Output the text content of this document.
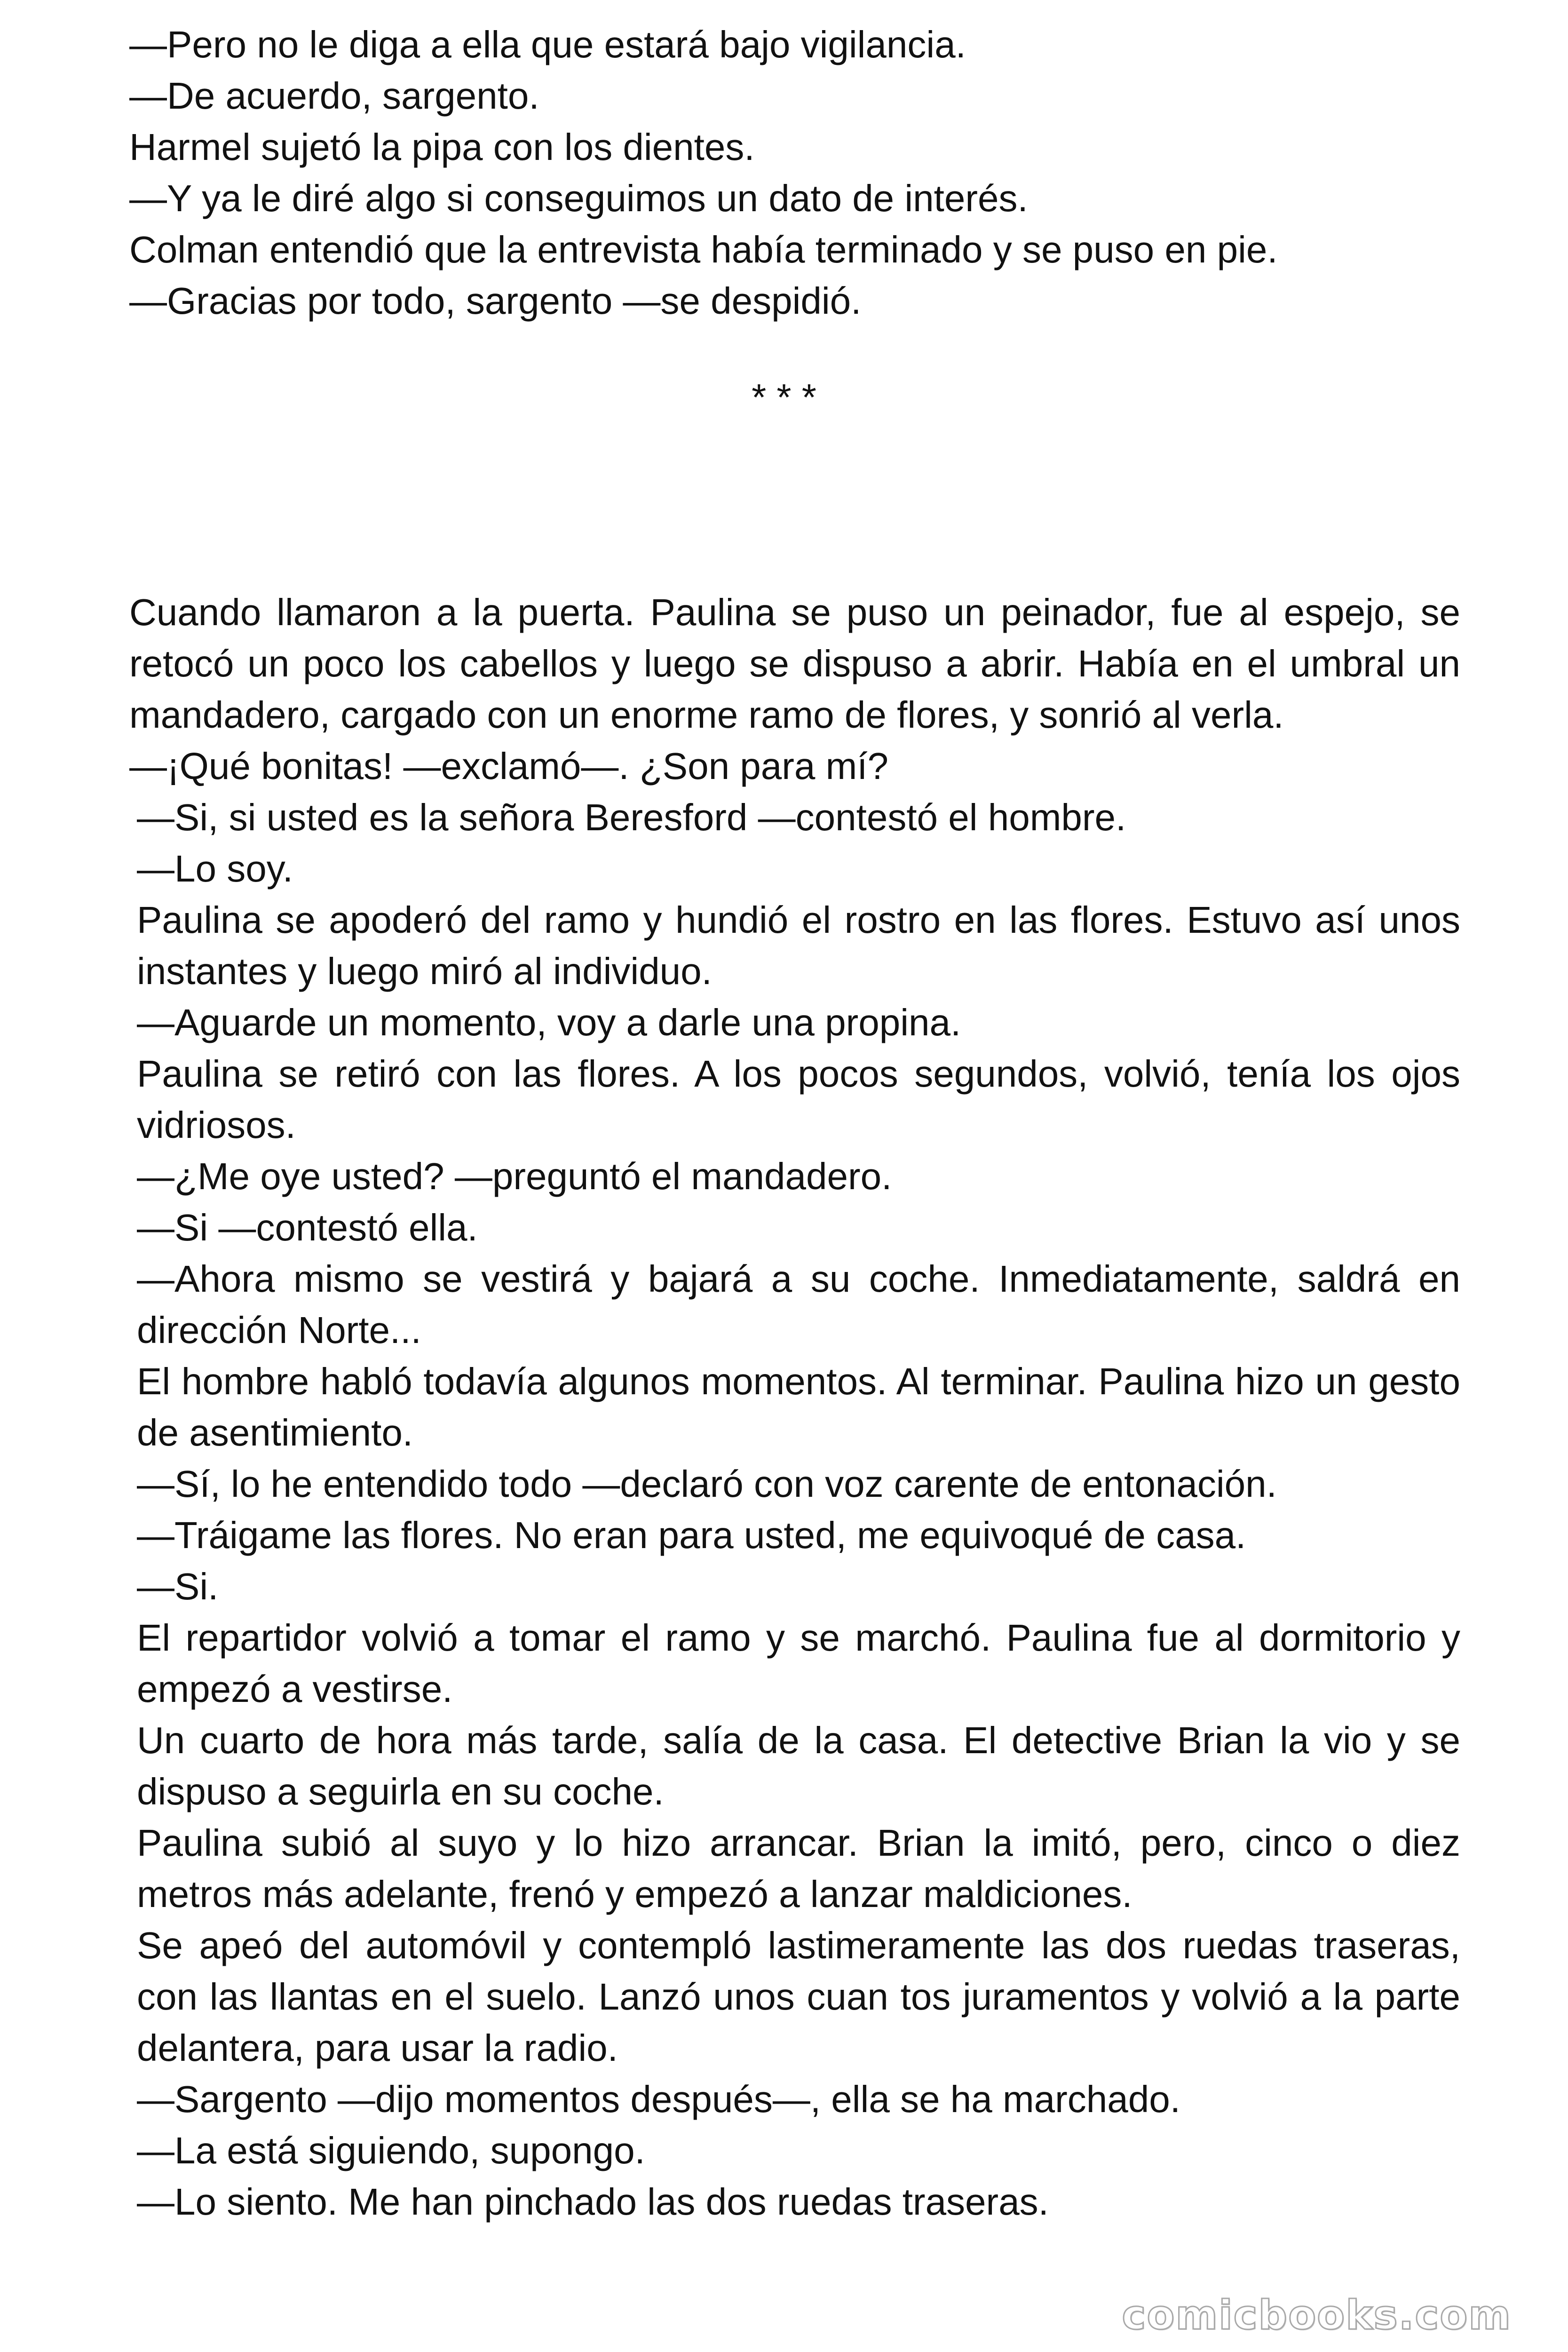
—Pero no le diga a ella que estará bajo vigilancia.

—De acuerdo, sargento.

Harmel sujetó la pipa con los dientes.

—Y ya le diré algo si conseguimos un dato de interés.

Colman entendió que la entrevista había terminado y se puso en pie.

—Gracias por todo, sargento —se despidió.

* * *

Cuando llamaron a la puerta. Paulina se puso un peinador, fue al espejo, se retocó un poco los cabellos y luego se dispuso a abrir. Había en el umbral un mandadero, cargado con un enorme ramo de flores, y sonrió al verla.

—¡Qué bonitas! —exclamó—. ¿Son para mí?

—Si, si usted es la señora Beresford —contestó el hombre.

—Lo soy.

Paulina se apoderó del ramo y hundió el rostro en las flores. Estuvo así unos instantes y luego miró al individuo.

—Aguarde un momento, voy a darle una propina.

Paulina se retiró con las flores. A los pocos segundos, volvió, tenía los ojos vidriosos.

—¿Me oye usted? —preguntó el mandadero.

—Si —contestó ella.

—Ahora mismo se vestirá y bajará a su coche. Inmediatamente, saldrá en dirección Norte...

El hombre habló todavía algunos momentos. Al terminar. Paulina hizo un gesto de asentimiento.

—Sí, lo he entendido todo —declaró con voz carente de entonación.

—Tráigame las flores. No eran para usted, me equivoqué de casa.

—Si.

El repartidor volvió a tomar el ramo y se marchó. Paulina fue al dormitorio y empezó a vestirse.

Un cuarto de hora más tarde, salía de la casa. El detective Brian la vio y se dispuso a seguirla en su coche.

Paulina subió al suyo y lo hizo arrancar. Brian la imitó, pero, cinco o diez metros más adelante, frenó y empezó a lanzar maldiciones.

Se apeó del automóvil y contempló lastimeramente las dos ruedas traseras, con las llantas en el suelo. Lanzó unos cuan tos juramentos y volvió a la parte delantera, para usar la radio.

—Sargento —dijo momentos después—, ella se ha marchado.

—La está siguiendo, supongo.

—Lo siento. Me han pinchado las dos ruedas traseras.

comicbooks.com
